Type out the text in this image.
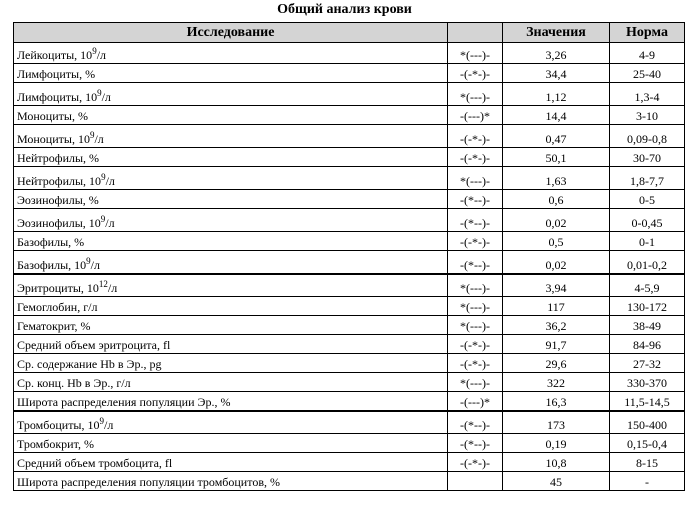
Общий анализ крови
Исследование		Значения	Норма
Лейкоциты, $10^9/л$	*(---)-	3,26	4-9
Лимфоциты, %	-(-*-)-	34,4	25-40
Лимфоциты, $10^9/л$	*(---)-	1,12	1,3-4
Моноциты, %	-(---)*	14,4	3-10
Моноциты, $10^9/л$	-(-*-)-	0,47	0,09-0,8
Нейтрофилы, %	-(-*-)-	50,1	30-70
Нейтрофилы, $10^9/л$	*(---)-	1,63	1,8-7,7
Эозинофилы, %	-(*--)-	0,6	0-5
Эозинофилы, $10^9/л$	-(*--)-	0,02	0-0,45
Базофилы, %	-(-*-)-	0,5	0-1
Базофилы, $10^9/л$	-(*--)-	0,02	0,01-0,2
Эритроциты, $10^{12}/л$	*(---)-	3,94	4-5,9
Гемоглобин, г/л	*(---)-	117	130-172
Гематокрит, %	*(---)-	36,2	38-49
Средний объем эритроцита, fl	-(-*-)-	91,7	84-96
Ср. содержание Hb в Эр., pg	-(-*-)-	29,6	27-32
Ср. конц. Hb в Эр., г/л	*(---)-	322	330-370
Широта распределения популяции Эр., %	-(---)*	16,3	11,5-14,5
Тромбоциты, $10^9/л$	-(*--)-	173	150-400
Тромбокрит, %	-(*--)-	0,19	0,15-0,4
Средний объем тромбоцита, fl	-(-*-)-	10,8	8-15
Широта распределения популяции тромбоцитов, %		45	-
